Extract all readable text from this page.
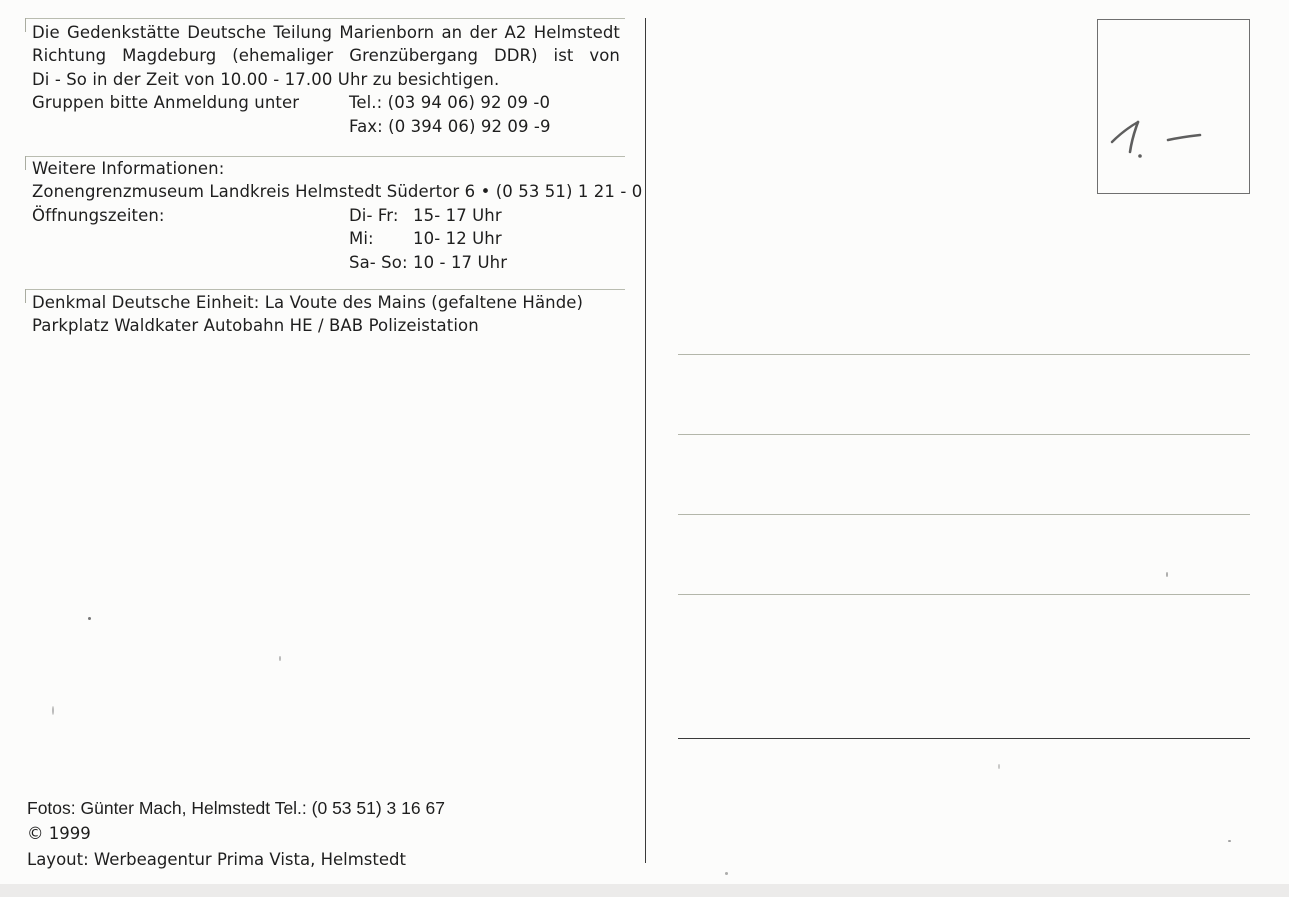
Die Gedenkstätte Deutsche Teilung Marienborn an der A2 Helmstedt
Richtung Magdeburg (ehemaliger Grenzübergang DDR) ist von
Di - So in der Zeit von 10.00 - 17.00 Uhr zu besichtigen.
Gruppen bitte Anmeldung unter	Tel.: (03 94 06) 92 09 -0
Fax: (0 394 06) 92 09 -9
Weitere Informationen:
Zonengrenzmuseum Landkreis Helmstedt Südertor 6 • (0 53 51) 1 21 - 0
Öffnungszeiten:	Di- Fr: 15- 17 Uhr
Mi: 10- 12 Uhr
Sa- So: 10 - 17 Uhr
Denkmal Deutsche Einheit: La Voute des Mains (gefaltene Hände)
Parkplatz Waldkater Autobahn HE / BAB Polizeistation
Fotos: Günter Mach, Helmstedt Tel.: (0 53 51) 3 16 67
© 1999
Layout: Werbeagentur Prima Vista, Helmstedt
